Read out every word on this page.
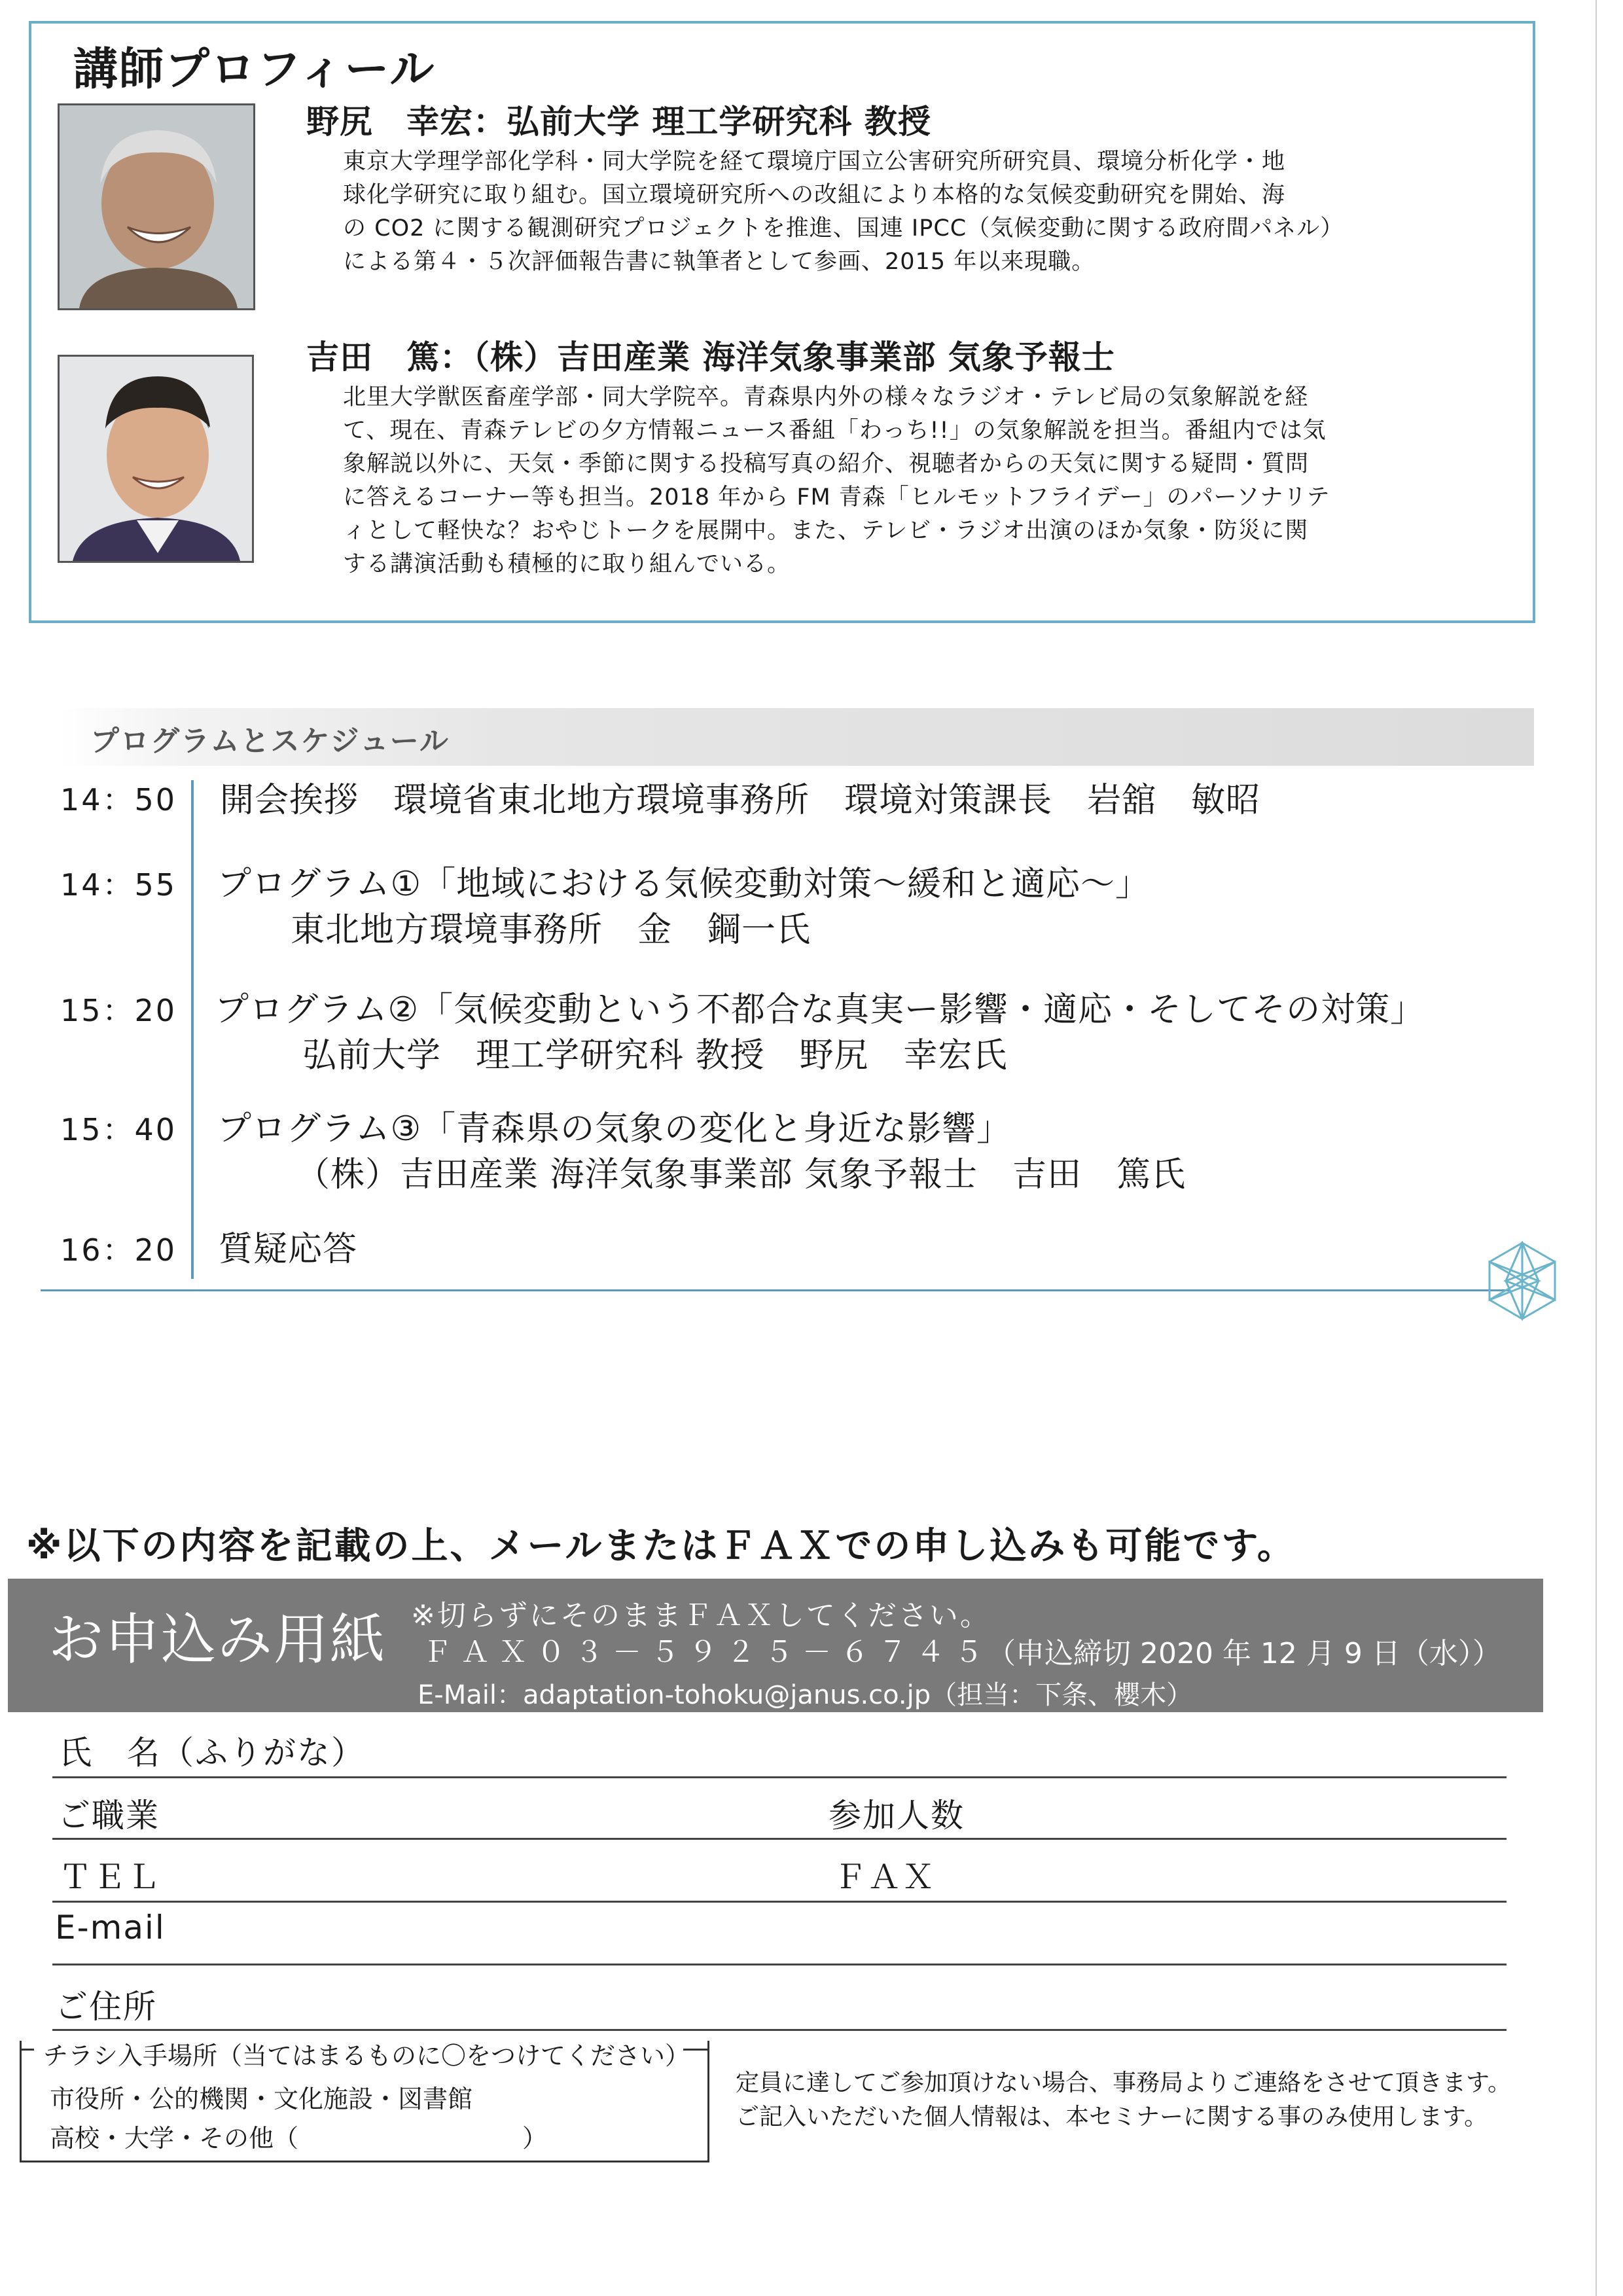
講師プロフィール
野尻　幸宏：弘前大学 理工学研究科 教授
東京大学理学部化学科・同大学院を経て環境庁国立公害研究所研究員、環境分析化学・地
球化学研究に取り組む。国立環境研究所への改組により本格的な気候変動研究を開始、海
の CO2 に関する観測研究プロジェクトを推進、国連 IPCC（気候変動に関する政府間パネル）
による第４・５次評価報告書に執筆者として参画、2015 年以来現職。
吉田　篤：（株）吉田産業 海洋気象事業部 気象予報士
北里大学獣医畜産学部・同大学院卒。青森県内外の様々なラジオ・テレビ局の気象解説を経
て、現在、青森テレビの夕方情報ニュース番組「わっち!!」の気象解説を担当。番組内では気
象解説以外に、天気・季節に関する投稿写真の紹介、視聴者からの天気に関する疑問・質問
に答えるコーナー等も担当。2018 年から FM 青森「ヒルモットフライデー」のパーソナリテ
ィとして軽快な？おやじトークを展開中。また、テレビ・ラジオ出演のほか気象・防災に関
する講演活動も積極的に取り組んでいる。
プログラムとスケジュール
14：50 開会挨拶　環境省東北地方環境事務所　環境対策課長　岩舘　敏昭
14：55 プログラム①「地域における気候変動対策～緩和と適応～」
東北地方環境事務所　金　鋼一氏
15：20 プログラム②「気候変動という不都合な真実ー影響・適応・そしてその対策」
弘前大学　理工学研究科 教授　野尻　幸宏氏
15：40 プログラム③「青森県の気象の変化と身近な影響」
（株）吉田産業 海洋気象事業部 気象予報士　吉田　篤氏
16：20 質疑応答
※以下の内容を記載の上、メールまたはＦＡＸでの申し込みも可能です。
お申込み用紙 ※切らずにそのままＦＡＸしてください。
ＦＡＸ０３－５９２５－６７４５
（申込締切 2020 年 12 月 9 日（水））
E-Mail：adaptation-tohoku@janus.co.jp（担当：下条、櫻木）
氏　名（ふりがな）
ご職業	参加人数
ＴＥＬ	ＦＡＸ
E-mail
ご住所
チラシ入手場所（当てはまるものに〇をつけてください）
市役所・公的機関・文化施設・図書館
高校・大学・その他（　　　　　　　　　）
定員に達してご参加頂けない場合、事務局よりご連絡をさせて頂きます。
ご記入いただいた個人情報は、本セミナーに関する事のみ使用します。
